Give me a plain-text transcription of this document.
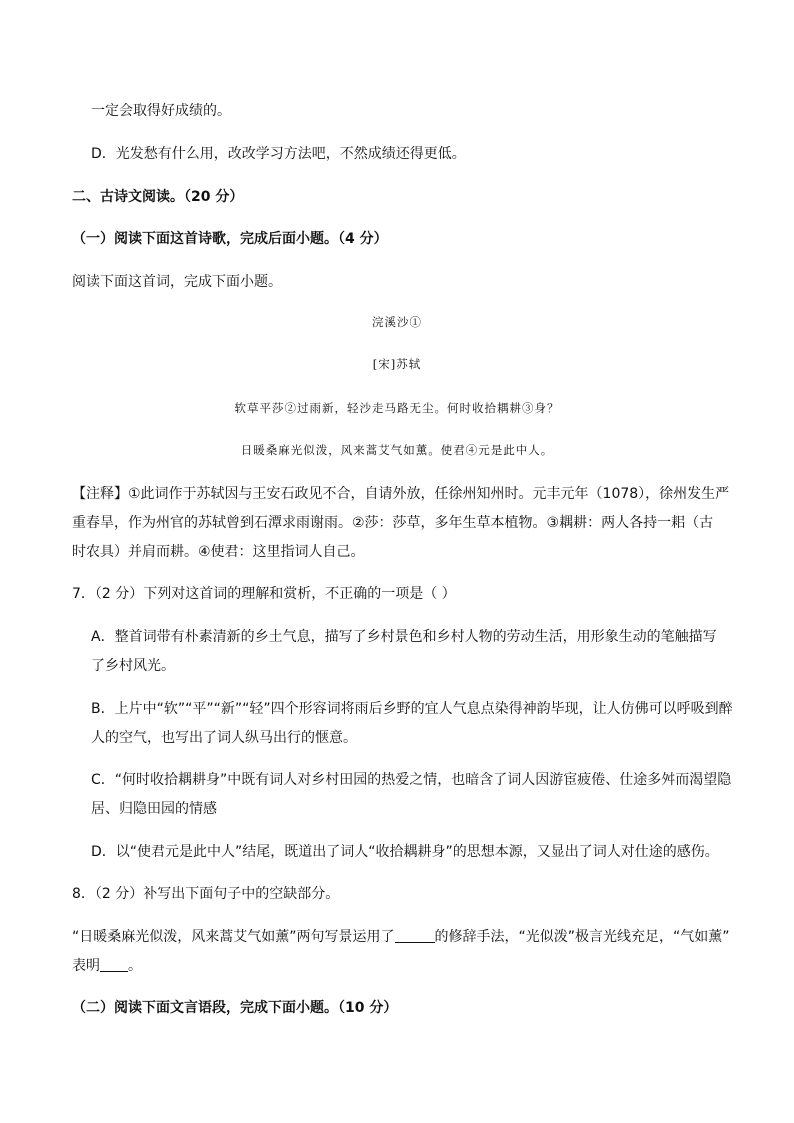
一定会取得好成绩的。
D．光发愁有什么用，改改学习方法吧，不然成绩还得更低。
二、古诗文阅读。（20 分）
（一）阅读下面这首诗歌，完成后面小题。（4 分）
阅读下面这首词，完成下面小题。
浣溪沙①
[宋]苏轼
软草平莎②过雨新，轻沙走马路无尘。何时收拾耦耕③身？
日暖桑麻光似泼，风来蒿艾气如薰。使君④元是此中人。
【注释】①此词作于苏轼因与王安石政见不合，自请外放，任徐州知州时。元丰元年（1078），徐州发生严
重春旱，作为州官的苏轼曾到石潭求雨谢雨。②莎：莎草，多年生草本植物。③耦耕：两人各持一耜（古
时农具）并肩而耕。④使君：这里指词人自己。
7．（2 分）下列对这首词的理解和赏析，不正确的一项是（ ）
A．整首词带有朴素清新的乡土气息，描写了乡村景色和乡村人物的劳动生活，用形象生动的笔触描写
了乡村风光。
B．上片中“软”“平”“新”“轻”四个形容词将雨后乡野的宜人气息点染得神韵毕现，让人仿佛可以呼吸到醉
人的空气，也写出了词人纵马出行的惬意。
C．“何时收拾耦耕身”中既有词人对乡村田园的热爱之情，也暗含了词人因游宦疲倦、仕途多舛而渴望隐
居、归隐田园的情感
D．以“使君元是此中人”结尾，既道出了词人“收拾耦耕身”的思想本源，又显出了词人对仕途的感伤。
8．（2 分）补写出下面句子中的空缺部分。
“日暖桑麻光似泼，风来蒿艾气如薰”两句写景运用了	的修辞手法，“光似泼”极言光线充足，“气如薰”
表明 。
（二）阅读下面文言语段，完成下面小题。（10 分）
